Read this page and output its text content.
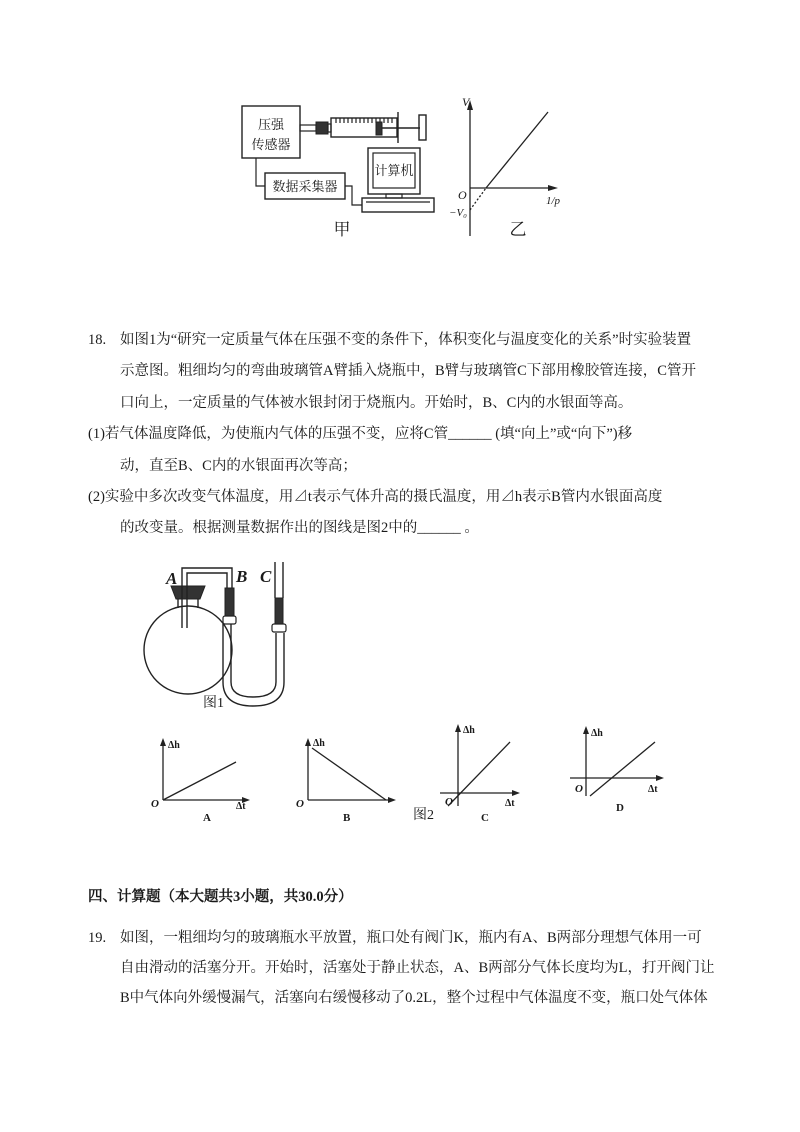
压强
传感器
数据采集器
计算机
甲
V
O	1/p
−V₀
乙
18. 如图1为“研究一定质量气体在压强不变的条件下，体积变化与温度变化的关系”时实验装置
示意图。粗细均匀的弯曲玻璃管A臂插入烧瓶中，B臂与玻璃管C下部用橡胶管连接，C管开
口向上，一定质量的气体被水银封闭于烧瓶内。开始时，B、C内的水银面等高。
(1)若气体温度降低，为使瓶内气体的压强不变，应将C管______ (填“向上”或“向下”)移
动，直至B、C内的水银面再次等高；
(2)实验中多次改变气体温度，用⊿t表示气体升高的摄氏温度，用⊿h表示B管内水银面高度
的改变量。根据测量数据作出的图线是图2中的______ 。
A	B C
图1
Δh
O	Δt
A
Δh
O
B
Δh
O	Δt
C
图2
Δh
O	Δt
D
四、计算题（本大题共3小题，共30.0分）
19. 如图，一粗细均匀的玻璃瓶水平放置，瓶口处有阀门K，瓶内有A、B两部分理想气体用一可
自由滑动的活塞分开。开始时，活塞处于静止状态，A、B两部分气体长度均为L，打开阀门让
B中气体向外缓慢漏气，活塞向右缓慢移动了0.2L，整个过程中气体温度不变，瓶口处气体体
